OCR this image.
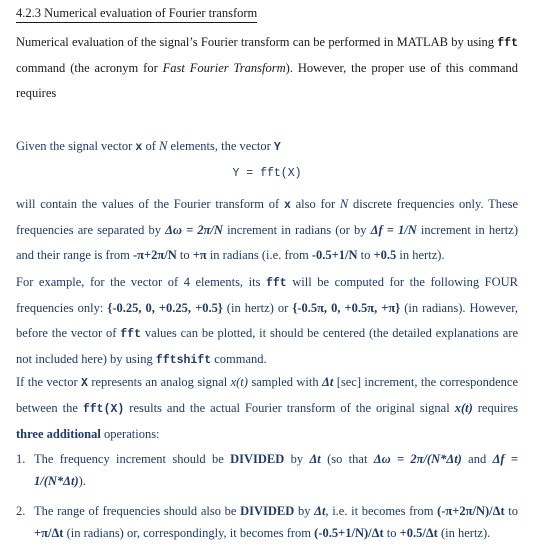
4.2.3 Numerical evaluation of Fourier transform
Numerical evaluation of the signal’s Fourier transform can be performed in MATLAB by using fft command (the acronym for Fast Fourier Transform). However, the proper use of this command requires
Given the signal vector x of N elements, the vector Y
Y = fft(X)
will contain the values of the Fourier transform of x also for N discrete frequencies only. These frequencies are separated by Δω = 2π/N increment in radians (or by Δf = 1/N increment in hertz) and their range is from -π+2π/N to +π in radians (i.e. from -0.5+1/N to +0.5 in hertz).
For example, for the vector of 4 elements, its fft will be computed for the following FOUR frequencies only: {-0.25, 0, +0.25, +0.5} (in hertz) or {-0.5π, 0, +0.5π, +π} (in radians). However, before the vector of fft values can be plotted, it should be centered (the detailed explanations are not included here) by using fftshift command.
If the vector X represents an analog signal x(t) sampled with Δt [sec] increment, the correspondence between the fft(X) results and the actual Fourier transform of the original signal x(t) requires three additional operations:
1. The frequency increment should be DIVIDED by Δt (so that Δω = 2π/(N*Δt) and Δf = 1/(N*Δt)).
2. The range of frequencies should also be DIVIDED by Δt, i.e. it becomes from (-π+2π/N)/Δt to +π/Δt (in radians) or, correspondingly, it becomes from (-0.5+1/N)/Δt to +0.5/Δt (in hertz).
